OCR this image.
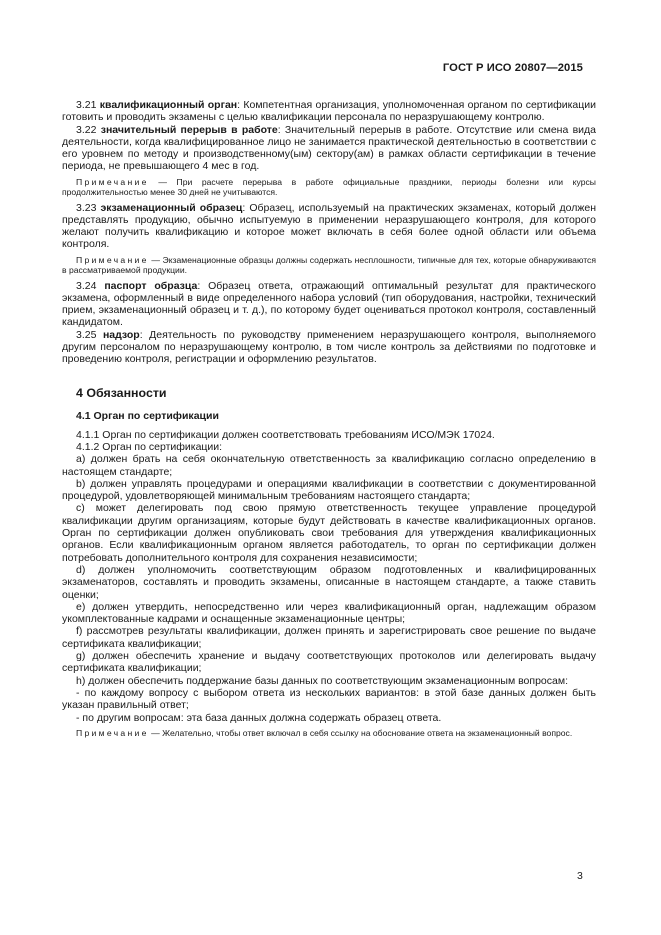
ГОСТ Р ИСО 20807—2015

3.21 квалификационный орган: Компетентная организация, уполномоченная органом по сертификации готовить и проводить экзамены с целью квалификации персонала по неразрушающему контролю.

3.22 значительный перерыв в работе: Значительный перерыв в работе. Отсутствие или смена вида деятельности, когда квалифицированное лицо не занимается практической деятельностью в соответствии с его уровнем по методу и производственному(ым) сектору(ам) в рамках области сертификации в течение периода, не превышающего 4 мес в год.

Примечание — При расчете перерыва в работе официальные праздники, периоды болезни или курсы продолжительностью менее 30 дней не учитываются.

3.23 экзаменационный образец: Образец, используемый на практических экзаменах, который должен представлять продукцию, обычно испытуемую в применении неразрушающего контроля, для которого желают получить квалификацию и которое может включать в себя более одной области или объема контроля.

Примечание — Экзаменационные образцы должны содержать несплошности, типичные для тех, которые обнаруживаются в рассматриваемой продукции.

3.24 паспорт образца: Образец ответа, отражающий оптимальный результат для практического экзамена, оформленный в виде определенного набора условий (тип оборудования, настройки, технический прием, экзаменационный образец и т. д.), по которому будет оцениваться протокол контроля, составленный кандидатом.

3.25 надзор: Деятельность по руководству применением неразрушающего контроля, выполняемого другим персоналом по неразрушающему контролю, в том числе контроль за действиями по подготовке и проведению контроля, регистрации и оформлению результатов.

4 Обязанности

4.1 Орган по сертификации

4.1.1 Орган по сертификации должен соответствовать требованиям ИСО/МЭК 17024.

4.1.2 Орган по сертификации:

a) должен брать на себя окончательную ответственность за квалификацию согласно определению в настоящем стандарте;

b) должен управлять процедурами и операциями квалификации в соответствии с документированной процедурой, удовлетворяющей минимальным требованиям настоящего стандарта;

c) может делегировать под свою прямую ответственность текущее управление процедурой квалификации другим организациям, которые будут действовать в качестве квалификационных органов. Орган по сертификации должен опубликовать свои требования для утверждения квалификационных органов. Если квалификационным органом является работодатель, то орган по сертификации должен потребовать дополнительного контроля для сохранения независимости;

d) должен уполномочить соответствующим образом подготовленных и квалифицированных экзаменаторов, составлять и проводить экзамены, описанные в настоящем стандарте, а также ставить оценки;

e) должен утвердить, непосредственно или через квалификационный орган, надлежащим образом укомплектованные кадрами и оснащенные экзаменационные центры;

f) рассмотрев результаты квалификации, должен принять и зарегистрировать свое решение по выдаче сертификата квалификации;

g) должен обеспечить хранение и выдачу соответствующих протоколов или делегировать выдачу сертификата квалификации;

h) должен обеспечить поддержание базы данных по соответствующим экзаменационным вопросам:

- по каждому вопросу с выбором ответа из нескольких вариантов: в этой базе данных должен быть указан правильный ответ;

- по другим вопросам: эта база данных должна содержать образец ответа.

Примечание — Желательно, чтобы ответ включал в себя ссылку на обоснование ответа на экзаменационный вопрос.

3
